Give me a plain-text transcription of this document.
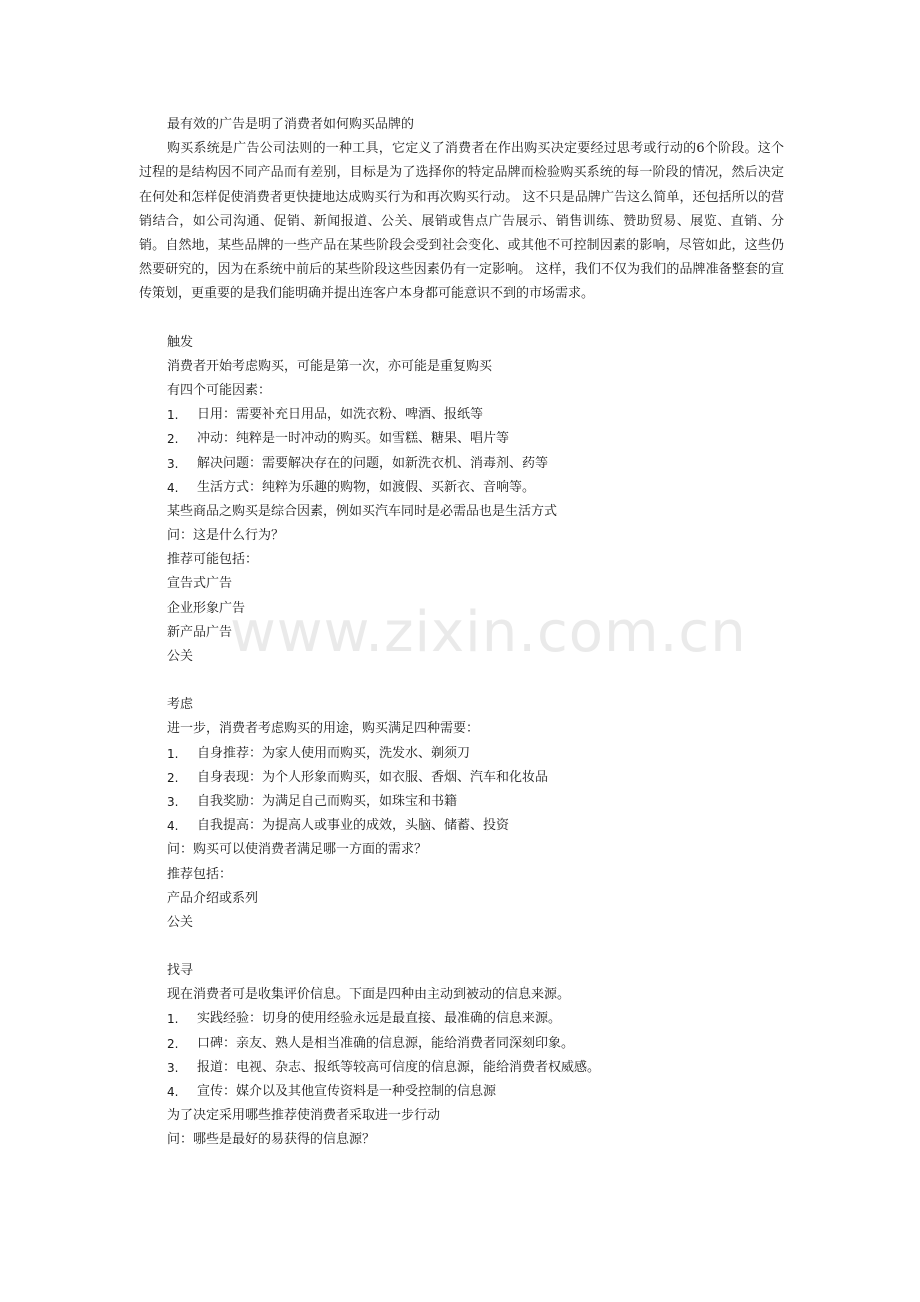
最有效的广告是明了消费者如何购买品牌的
购买系统是广告公司法则的一种工具，它定义了消费者在作出购买决定要经过思考或行动的6个阶段。这个过程的是结构因不同产品而有差别，目标是为了选择你的特定品牌而检验购买系统的每一阶段的情况，然后决定在何处和怎样促使消费者更快捷地达成购买行为和再次购买行动。 这不只是品牌广告这么简单，还包括所以的营销结合，如公司沟通、促销、新闻报道、公关、展销或售点广告展示、销售训练、赞助贸易、展览、直销、分销。自然地，某些品牌的一些产品在某些阶段会受到社会变化、或其他不可控制因素的影响，尽管如此，这些仍然要研究的，因为在系统中前后的某些阶段这些因素仍有一定影响。 这样，我们不仅为我们的品牌准备整套的宣传策划，更重要的是我们能明确并提出连客户本身都可能意识不到的市场需求。
触发
消费者开始考虑购买，可能是第一次，亦可能是重复购买
有四个可能因素：
1.	日用：需要补充日用品，如洗衣粉、啤酒、报纸等
2.	冲动：纯粹是一时冲动的购买。如雪糕、糖果、唱片等
3.	解决问题：需要解决存在的问题，如新洗衣机、消毒剂、药等
4.	生活方式：纯粹为乐趣的购物，如渡假、买新衣、音响等。
某些商品之购买是综合因素，例如买汽车同时是必需品也是生活方式
问：这是什么行为？
推荐可能包括：
宣告式广告
企业形象广告
新产品广告
公关
考虑
进一步，消费者考虑购买的用途，购买满足四种需要：
1.	自身推荐：为家人使用而购买，洗发水、剃须刀
2.	自身表现：为个人形象而购买，如衣服、香烟、汽车和化妆品
3.	自我奖励：为满足自己而购买，如珠宝和书籍
4.	自我提高：为提高人或事业的成效，头脑、储蓄、投资
问：购买可以使消费者满足哪一方面的需求？
推荐包括：
产品介绍或系列
公关
找寻
现在消费者可是收集评价信息。下面是四种由主动到被动的信息来源。
1.	实践经验：切身的使用经验永远是最直接、最准确的信息来源。
2.	口碑：亲友、熟人是相当准确的信息源，能给消费者同深刻印象。
3.	报道：电视、杂志、报纸等较高可信度的信息源，能给消费者权威感。
4.	宣传：媒介以及其他宣传资料是一种受控制的信息源
为了决定采用哪些推荐使消费者采取进一步行动
问：哪些是最好的易获得的信息源？
www.zixin.com.cn
